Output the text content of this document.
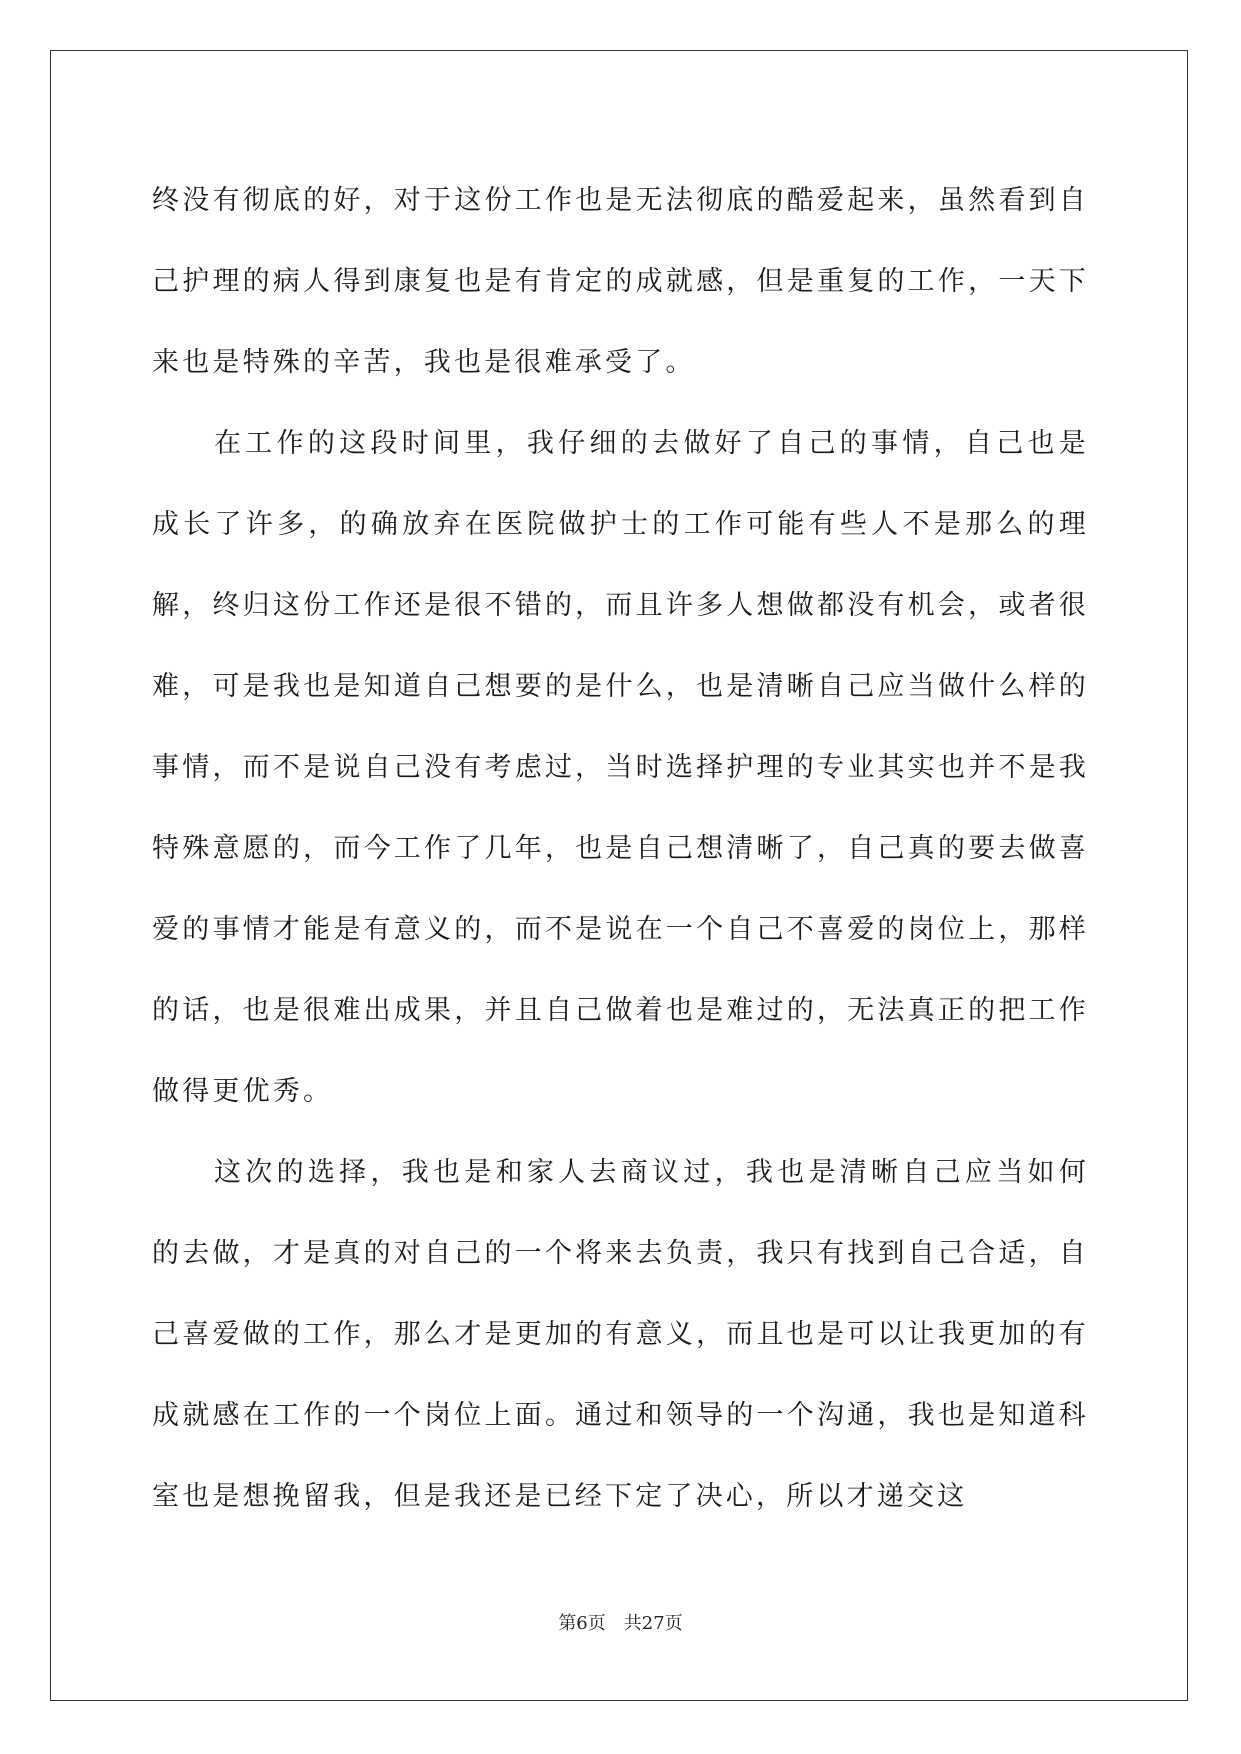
终没有彻底的好，对于这份工作也是无法彻底的酷爱起来，虽然看到自己护理的病人得到康复也是有肯定的成就感，但是重复的工作，一天下来也是特殊的辛苦，我也是很难承受了。

在工作的这段时间里，我仔细的去做好了自己的事情，自己也是成长了许多，的确放弃在医院做护士的工作可能有些人不是那么的理解，终归这份工作还是很不错的，而且许多人想做都没有机会，或者很难，可是我也是知道自己想要的是什么，也是清晰自己应当做什么样的事情，而不是说自己没有考虑过，当时选择护理的专业其实也并不是我特殊意愿的，而今工作了几年，也是自己想清晰了，自己真的要去做喜爱的事情才能是有意义的，而不是说在一个自己不喜爱的岗位上，那样的话，也是很难出成果，并且自己做着也是难过的，无法真正的把工作做得更优秀。

这次的选择，我也是和家人去商议过，我也是清晰自己应当如何的去做，才是真的对自己的一个将来去负责，我只有找到自己合适，自己喜爱做的工作，那么才是更加的有意义，而且也是可以让我更加的有成就感在工作的一个岗位上面。通过和领导的一个沟通，我也是知道科室也是想挽留我，但是我还是已经下定了决心，所以才递交这

第6页　共27页
